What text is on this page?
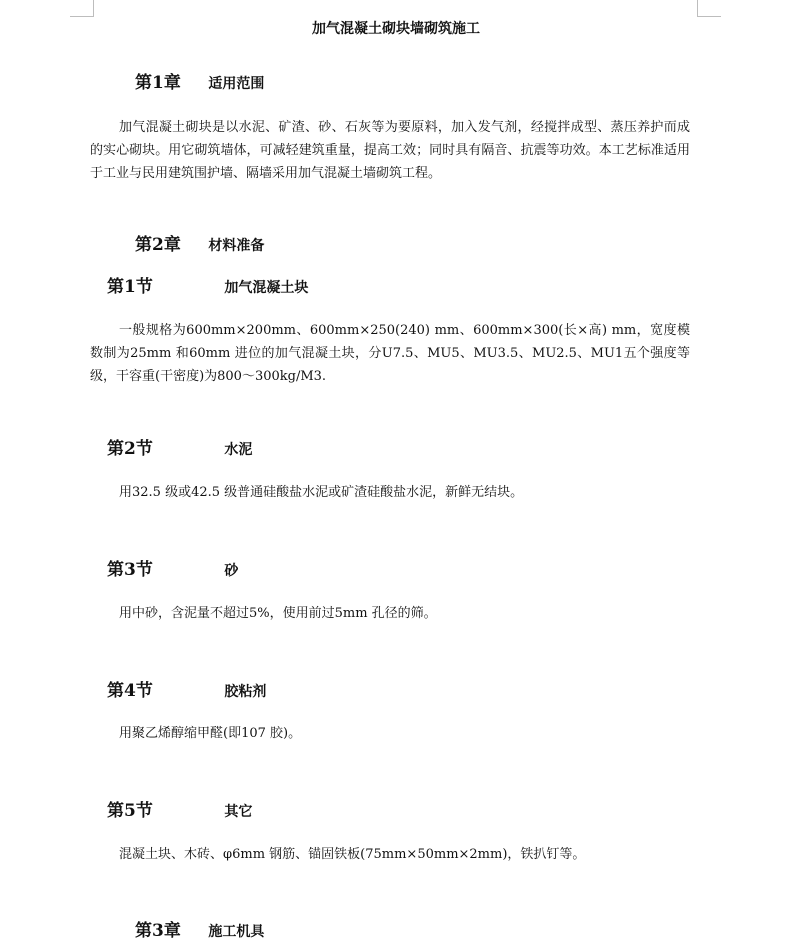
加气混凝土砌块墙砌筑施工
第1章 适用范围
加气混凝土砌块是以水泥、矿渣、砂、石灰等为要原料，加入发气剂，经搅拌成型、蒸压养护而成的实心砌块。用它砌筑墙体，可减轻建筑重量，提高工效；同时具有隔音、抗震等功效。本工艺标准适用于工业与民用建筑围护墙、隔墙采用加气混凝土墙砌筑工程。
第2章 材料准备
第1节	加气混凝土块
一般规格为600mm×200mm、600mm×250(240) mm、600mm×300(长×高) mm，宽度模数制为25mm 和60mm 进位的加气混凝土块，分U7.5、MU5、MU3.5、MU2.5、MU1五个强度等级，干容重(干密度)为800～300kg/M3.
第2节	水泥
用32.5 级或42.5 级普通硅酸盐水泥或矿渣硅酸盐水泥，新鲜无结块。
第3节	砂
用中砂，含泥量不超过5%，使用前过5mm 孔径的筛。
第4节	胶粘剂
用聚乙烯醇缩甲醛(即107 胶)。
第5节	其它
混凝土块、木砖、φ6mm 钢筋、锚固铁板(75mm×50mm×2mm)，铁扒钉等。
第3章 施工机具
